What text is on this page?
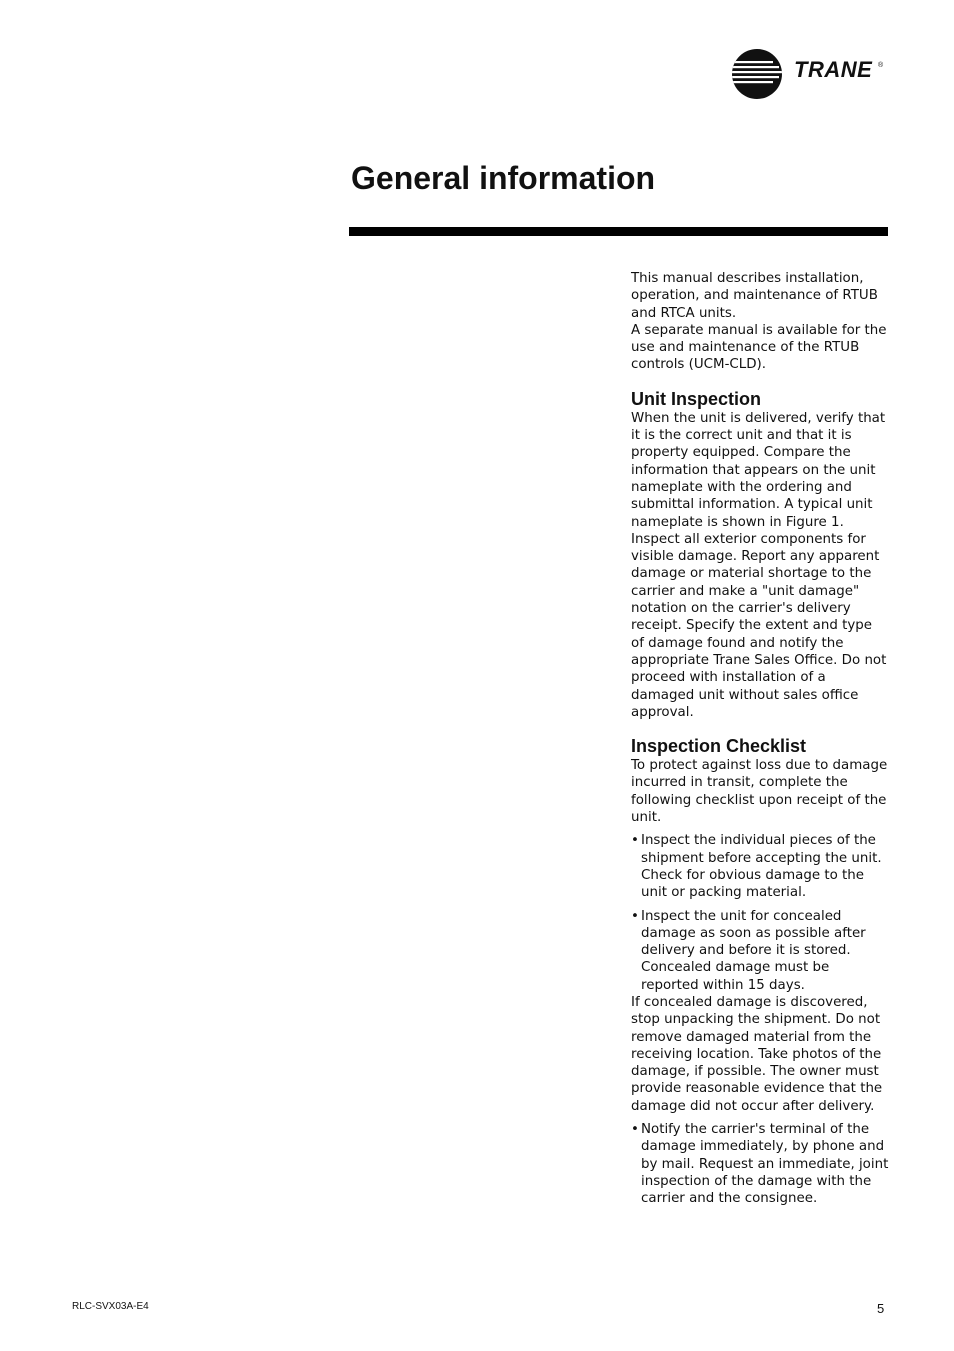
TRANE ®
General information

This manual describes installation, operation, and maintenance of RTUB and RTCA units.

A separate manual is available for the use and maintenance of the RTUB controls (UCM-CLD).

Unit Inspection

When the unit is delivered, verify that it is the correct unit and that it is property equipped. Compare the information that appears on the unit nameplate with the ordering and submittal information. A typical unit nameplate is shown in Figure 1. Inspect all exterior components for visible damage. Report any apparent damage or material shortage to the carrier and make a "unit damage" notation on the carrier's delivery receipt. Specify the extent and type of damage found and notify the appropriate Trane Sales Office. Do not proceed with installation of a damaged unit without sales office approval.

Inspection Checklist

To protect against loss due to damage incurred in transit, complete the following checklist upon receipt of the unit.

• Inspect the individual pieces of the shipment before accepting the unit. Check for obvious damage to the unit or packing material.
• Inspect the unit for concealed damage as soon as possible after delivery and before it is stored. Concealed damage must be reported within 15 days.

If concealed damage is discovered, stop unpacking the shipment. Do not remove damaged material from the receiving location. Take photos of the damage, if possible. The owner must provide reasonable evidence that the damage did not occur after delivery.

• Notify the carrier's terminal of the damage immediately, by phone and by mail. Request an immediate, joint inspection of the damage with the carrier and the consignee.
RLC-SVX03A-E4	5
